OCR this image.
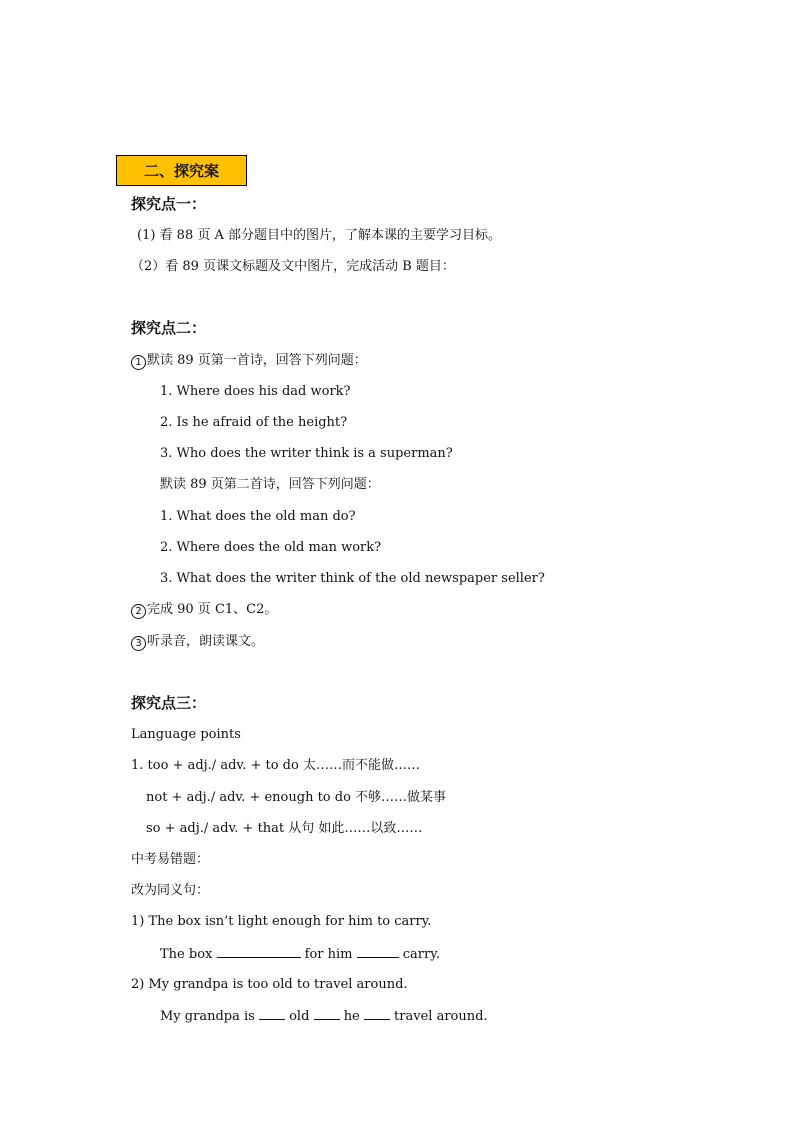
二、探究案
探究点一：
(1) 看 88 页 A 部分题目中的图片，了解本课的主要学习目标。
（2）看 89 页课文标题及文中图片，完成活动 B 题目：
探究点二：
1 默读 89 页第一首诗，回答下列问题：
1. Where does his dad work?
2. Is he afraid of the height?
3. Who does the writer think is a superman?
默读 89 页第二首诗，回答下列问题：
1. What does the old man do?
2. Where does the old man work?
3. What does the writer think of the old newspaper seller?
2 完成 90 页 C1、C2。
3 听录音，朗读课文。
探究点三：
Language points
1. too + adj./ adv. + to do 太……而不能做……
not + adj./ adv. + enough to do 不够……做某事
so + adj./ adv. + that 从句 如此……以致……
中考易错题：
改为同义句：
1) The box isn’t light enough for him to carry.
The box	for him	carry.
2) My grandpa is too old to travel around.
My grandpa is	old	he	travel around.
